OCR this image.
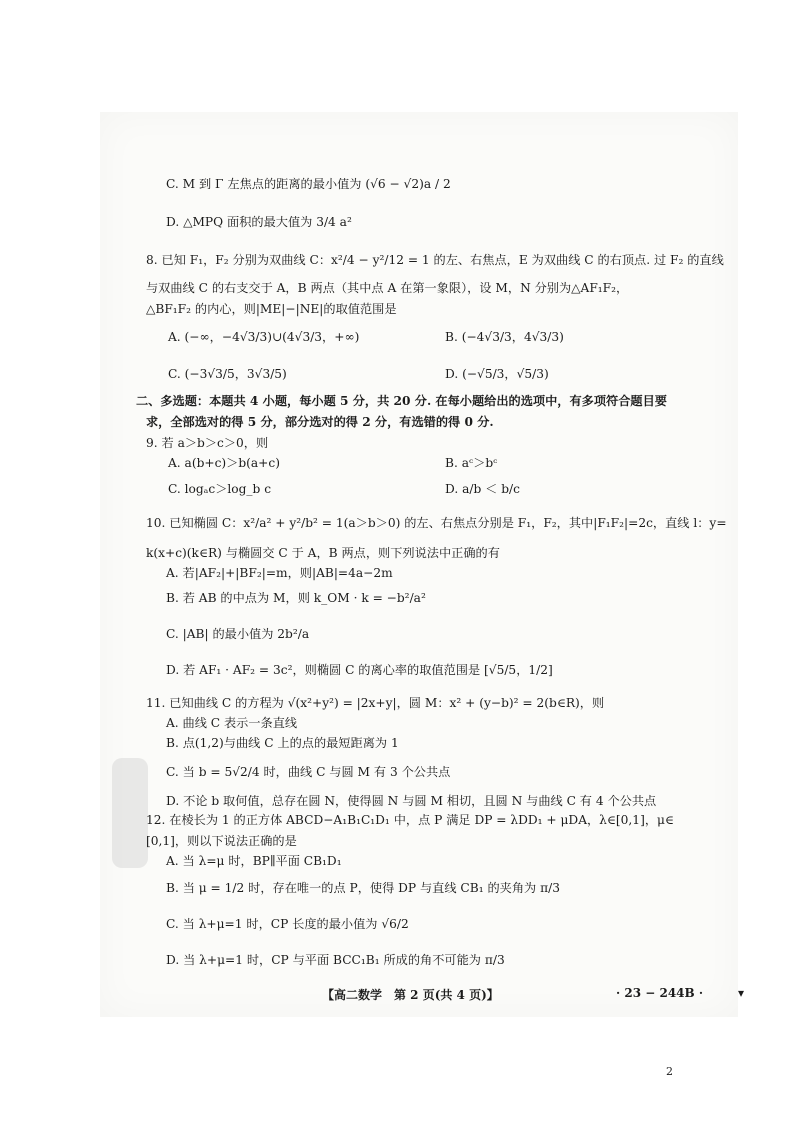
C. M 到 Γ 左焦点的距离的最小值为 (√6 − √2)a / 2
D. △MPQ 面积的最大值为 3/4 a²
8. 已知 F₁，F₂ 分别为双曲线 C：x²/4 − y²/12 = 1 的左、右焦点，E 为双曲线 C 的右顶点. 过 F₂ 的直线
与双曲线 C 的右支交于 A，B 两点（其中点 A 在第一象限），设 M，N 分别为△AF₁F₂，
△BF₁F₂ 的内心，则|ME|−|NE|的取值范围是
A. (−∞，−4√3/3)∪(4√3/3，+∞)	B. (−4√3/3，4√3/3)
C. (−3√3/5，3√3/5)	D. (−√5/3，√5/3)
二、多选题：本题共 4 小题，每小题 5 分，共 20 分. 在每小题给出的选项中，有多项符合题目要
求，全部选对的得 5 分，部分选对的得 2 分，有选错的得 0 分.
9. 若 a＞b＞c＞0，则
A. a(b+c)＞b(a+c)	B. aᶜ＞bᶜ
C. logₐc＞log_b c	D. a/b ＜ b/c
10. 已知椭圆 C：x²/a² + y²/b² = 1(a＞b＞0) 的左、右焦点分别是 F₁，F₂，其中|F₁F₂|=2c，直线 l：y=
k(x+c)(k∈R) 与椭圆交 C 于 A，B 两点，则下列说法中正确的有
A. 若|AF₂|+|BF₂|=m，则|AB|=4a−2m
B. 若 AB 的中点为 M，则 k_OM · k = −b²/a²
C. |AB| 的最小值为 2b²/a
D. 若 AF₁ · AF₂ = 3c²，则椭圆 C 的离心率的取值范围是 [√5/5，1/2]
11. 已知曲线 C 的方程为 √(x²+y²) = |2x+y|，圆 M：x² + (y−b)² = 2(b∈R)，则
A. 曲线 C 表示一条直线
B. 点(1,2)与曲线 C 上的点的最短距离为 1
C. 当 b = 5√2/4 时，曲线 C 与圆 M 有 3 个公共点
D. 不论 b 取何值，总存在圆 N，使得圆 N 与圆 M 相切，且圆 N 与曲线 C 有 4 个公共点
12. 在棱长为 1 的正方体 ABCD−A₁B₁C₁D₁ 中，点 P 满足 DP = λDD₁ + μDA，λ∈[0,1]，μ∈
[0,1]，则以下说法正确的是
A. 当 λ=μ 时，BP∥平面 CB₁D₁
B. 当 μ = 1/2 时，存在唯一的点 P，使得 DP 与直线 CB₁ 的夹角为 π/3
C. 当 λ+μ=1 时，CP 长度的最小值为 √6/2
D. 当 λ+μ=1 时，CP 与平面 BCC₁B₁ 所成的角不可能为 π/3
【高二数学　第 2 页(共 4 页)】	· 23 − 244B ·	▾
2
